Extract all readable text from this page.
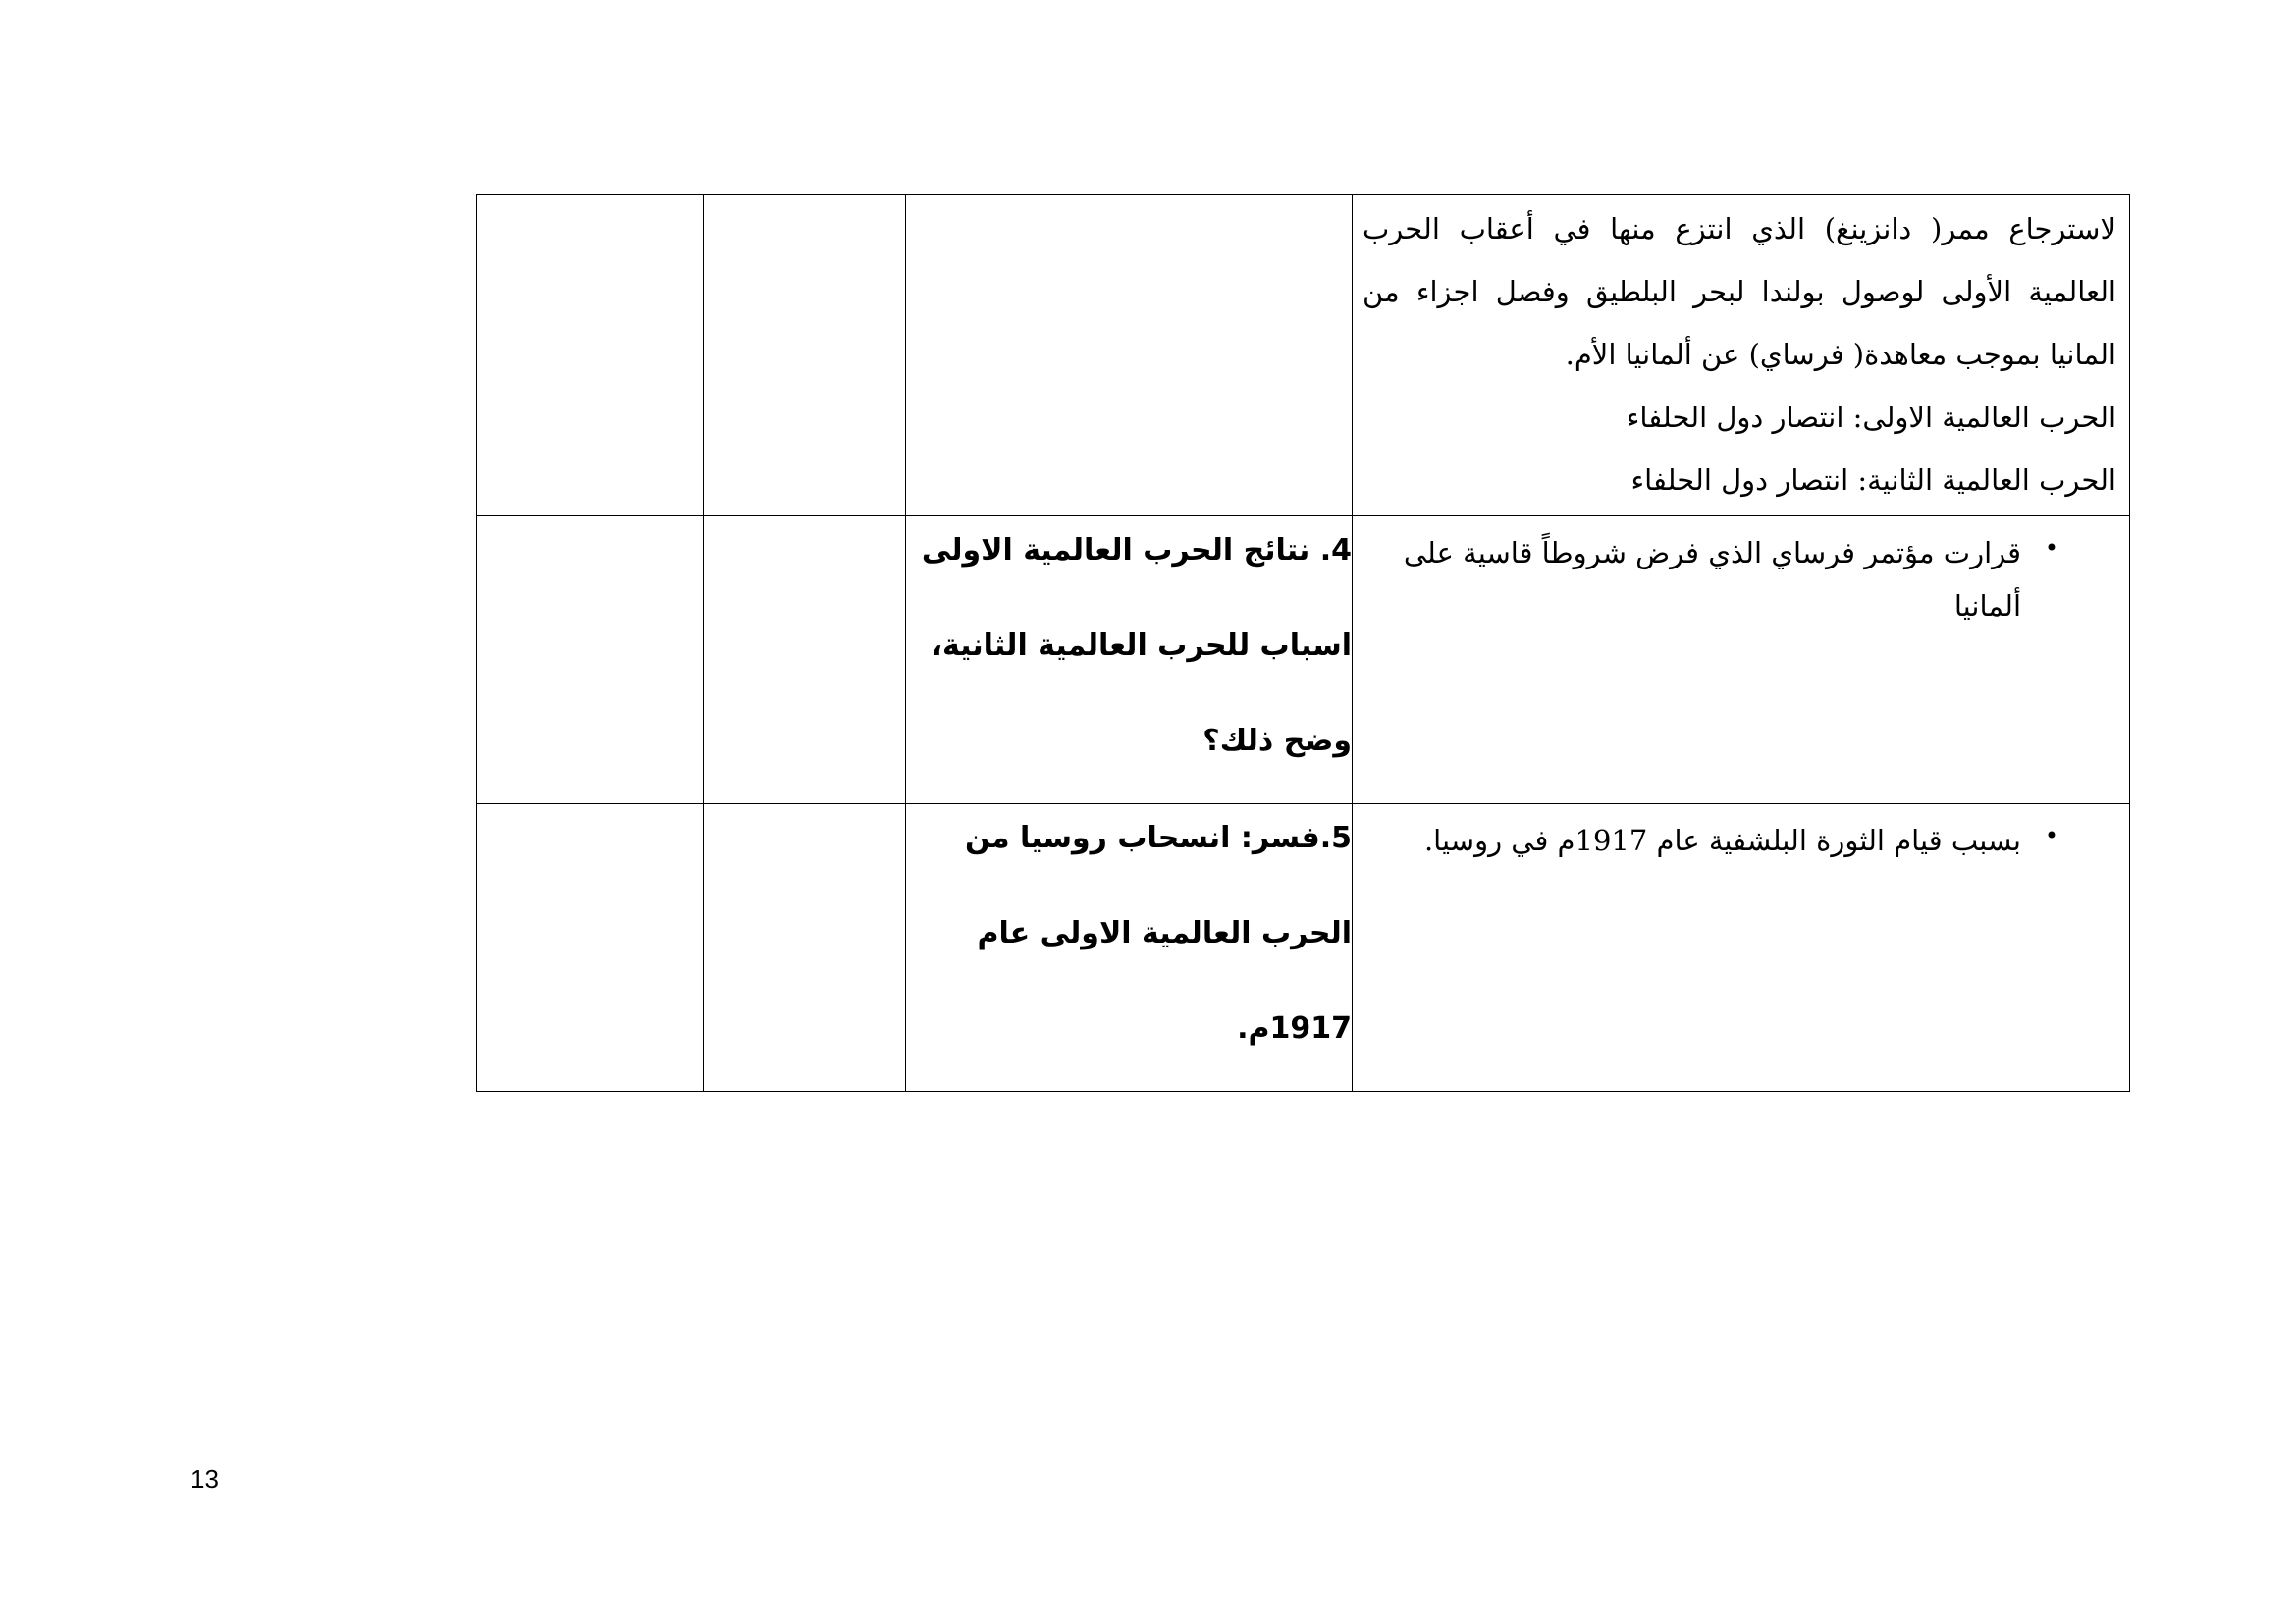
			لاسترجاع ممر( دانزينغ) الذي انتزع منها في أعقاب الحرب
العالمية الأولى لوصول بولندا لبحر البلطيق وفصل اجزاء من
المانيا بموجب معاهدة( فرساي) عن ألمانيا الأم.
الحرب العالمية الاولى: انتصار دول الحلفاء
الحرب العالمية الثانية: انتصار دول الحلفاء

		4. نتائج الحرب العالمية الاولى
اسباب للحرب العالمية الثانية،
وضح ذلك؟	•
قرارت مؤتمر فرساي الذي فرض شروطاً قاسية على
ألمانيا

		5.فسر: انسحاب روسيا من
الحرب العالمية الاولى عام
1917م.	•
بسبب قيام الثورة البلشفية عام 1917م في روسيا.
13
